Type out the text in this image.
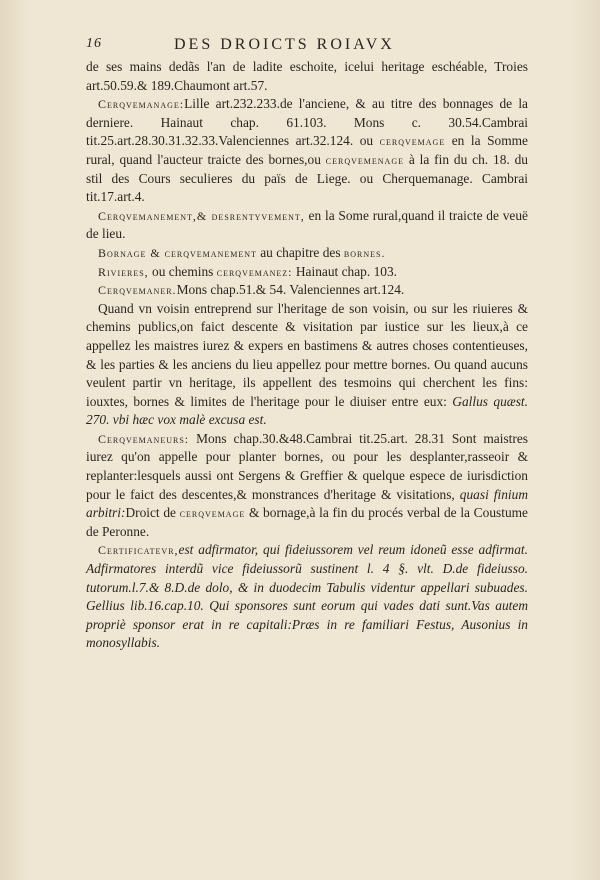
16	DES DROICTS ROIAVX

de ses mains dedãs l'an de ladite eschoite, icelui heritage eschéable, Troies art.50.59.& 189.Chaumont art.57.

Cerqvemanage:Lille art.232.233.de l'anciene, & au titre des bonnages de la derniere. Hainaut chap. 61.103. Mons c. 30.54.Cambrai tit.25.art.28.30.31.32.33.Valenciennes art.32.124. ou cerqvemage en la Somme rural, quand l'aucteur traicte des bornes,ou cerqvemenage à la fin du ch. 18. du stil des Cours seculieres du païs de Liege. ou Cherquemanage. Cambrai tit.17.art.4.

Cerqvemanement,& desrentyvement, en la Some rural,quand il traicte de veuë de lieu.

Bornage & cerqvemanement au chapitre des bornes.

Rivieres, ou chemins cerqvemanez: Hainaut chap. 103.

Cerqvemaner.Mons chap.51.& 54. Valenciennes art.124.

Quand vn voisin entreprend sur l'heritage de son voisin, ou sur les riuieres & chemins publics,on faict descente & visitation par iustice sur les lieux,à ce appellez les maistres iurez & expers en bastimens & autres choses contentieuses, & les parties & les anciens du lieu appellez pour mettre bornes. Ou quand aucuns veulent partir vn heritage, ils appellent des tesmoins qui cherchent les fins: iouxtes, bornes & limites de l'heritage pour le diuiser entre eux: Gallus quæst. 270. vbi hæc vox malè excusa est.

Cerqvemaneurs: Mons chap.30.&48.Cambrai tit.25.art. 28.31 Sont maistres iurez qu'on appelle pour planter bornes, ou pour les desplanter,rasseoir & replanter:lesquels aussi ont Sergens & Greffier & quelque espece de iurisdiction pour le faict des descentes,& monstrances d'heritage & visitations, quasi finium arbitri:Droict de cerqvemage & bornage,à la fin du procés verbal de la Coustume de Peronne.

Certificatevr,est adfirmator, qui fideiussorem vel reum idoneũ esse adfirmat. Adfirmatores interdũ vice fideiussorũ sustinent l. 4 §. vlt. D.de fideiusso. tutorum.l.7.& 8.D.de dolo, & in duodecim Tabulis videntur appellari subuades. Gellius lib.16.cap.10. Qui sponsores sunt eorum qui vades dati sunt.Vas autem propriè sponsor erat in re capitali:Præs in re familiari Festus, Ausonius in monosyllabis.
